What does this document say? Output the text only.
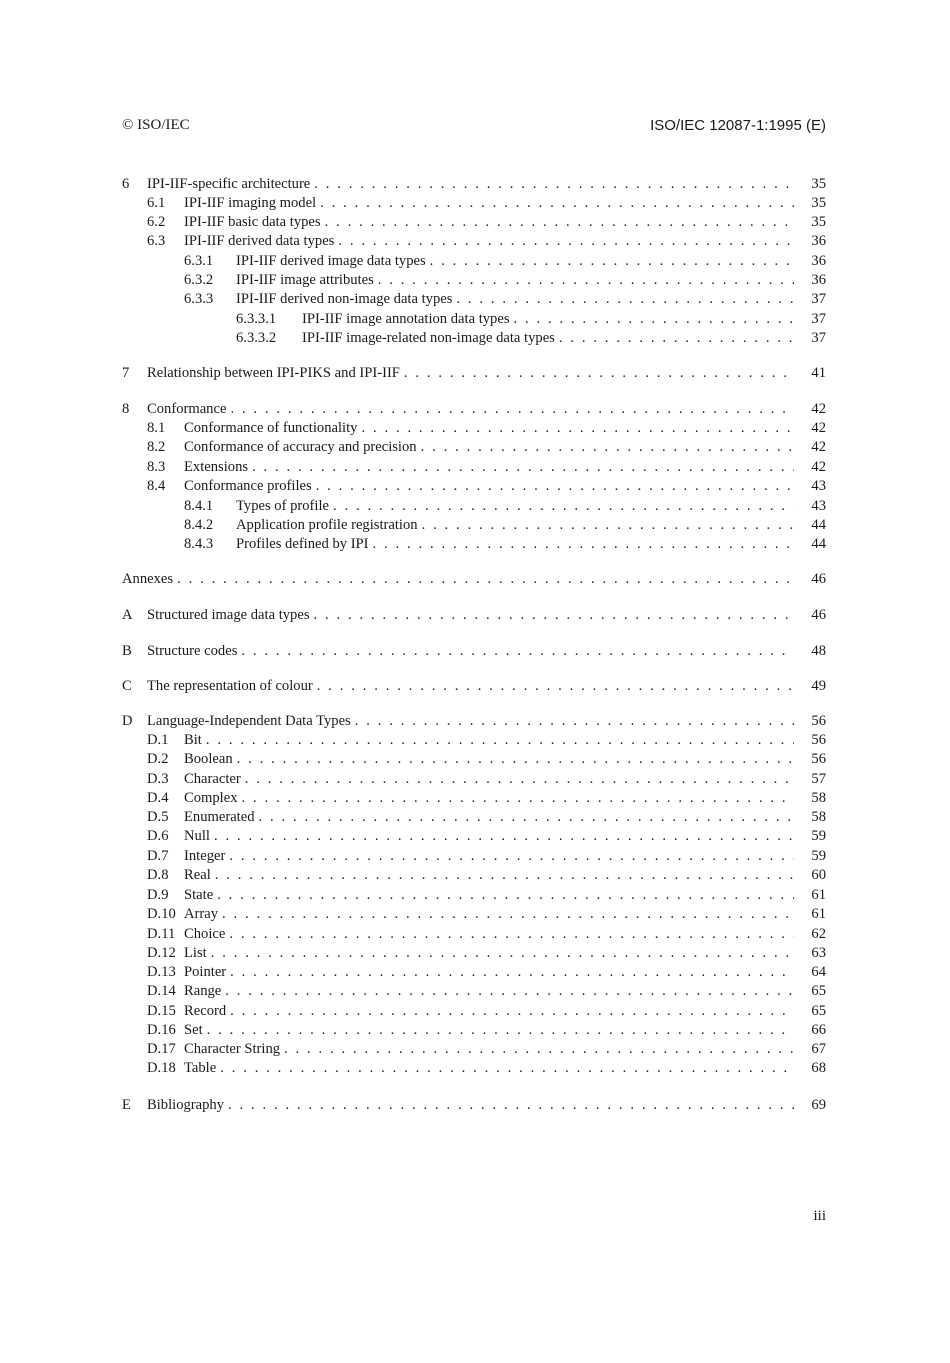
© ISO/IEC	ISO/IEC 12087-1:1995 (E)
6 IPI-IIF-specific architecture . . .	35
6.1 IPI-IIF imaging model . . .	35
6.2 IPI-IIF basic data types . . .	35
6.3 IPI-IIF derived data types . . .	36
6.3.1 IPI-IIF derived image data types . . .	36
6.3.2 IPI-IIF image attributes . . .	36
6.3.3 IPI-IIF derived non-image data types . . .	37
6.3.3.1 IPI-IIF image annotation data types . . .	37
6.3.3.2 IPI-IIF image-related non-image data types . . .	37
7 Relationship between IPI-PIKS and IPI-IIF . . .	41
8 Conformance . . .	42
8.1 Conformance of functionality . . .	42
8.2 Conformance of accuracy and precision . . .	42
8.3 Extensions . . .	42
8.4 Conformance profiles . . .	43
8.4.1 Types of profile . . .	43
8.4.2 Application profile registration . . .	44
8.4.3 Profiles defined by IPI . . .	44
Annexes . . .	46
A Structured image data types . . .	46
B Structure codes . . .	48
C The representation of colour . . .	49
D Language-Independent Data Types . . .	56
D.1 Bit . . .	56
D.2 Boolean . . .	56
D.3 Character . . .	57
D.4 Complex . . .	58
D.5 Enumerated . . .	58
D.6 Null . . .	59
D.7 Integer . . .	59
D.8 Real . . .	60
D.9 State . . .	61
D.10 Array . . .	61
D.11 Choice . . .	62
D.12 List . . .	63
D.13 Pointer . . .	64
D.14 Range . . .	65
D.15 Record . . .	65
D.16 Set . . .	66
D.17 Character String . . .	67
D.18 Table . . .	68
E Bibliography . . .	69
iii
